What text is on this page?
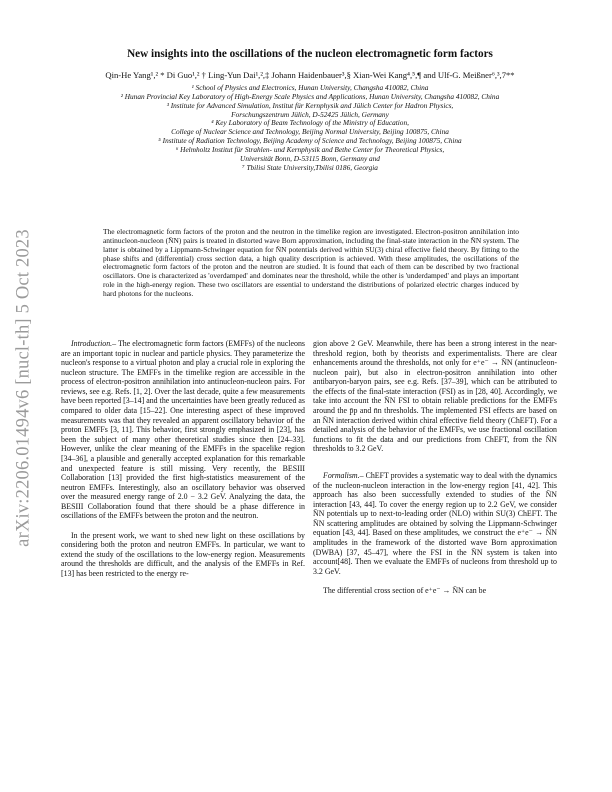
arXiv:2206.01494v6 [nucl-th] 5 Oct 2023
New insights into the oscillations of the nucleon electromagnetic form factors

Qin-He Yang¹,² * Di Guo¹,² † Ling-Yun Dai¹,²,‡ Johann Haidenbauer³,§ Xian-Wei Kang⁴,⁵,¶ and Ulf-G. Meißner⁶,³,7**

¹ School of Physics and Electronics, Hunan University, Changsha 410082, China

² Hunan Provincial Key Laboratory of High-Energy Scale Physics and Applications, Hunan University, Changsha 410082, China

³ Institute for Advanced Simulation, Institut für Kernphysik and Jülich Center for Hadron Physics,

Forschungszentrum Jülich, D-52425 Jülich, Germany

⁴ Key Laboratory of Beam Technology of the Ministry of Education,

College of Nuclear Science and Technology, Beijing Normal University, Beijing 100875, China

⁵ Institute of Radiation Technology, Beijing Academy of Science and Technology, Beijing 100875, China

⁶ Helmholtz Institut für Strahlen- und Kernphysik and Bethe Center for Theoretical Physics,

Universität Bonn, D-53115 Bonn, Germany and

⁷ Tbilisi State University,Tbilisi 0186, Georgia

The electromagnetic form factors of the proton and the neutron in the timelike region are investigated. Electron-positron annihilation into antinucleon-nucleon (N̄N) pairs is treated in distorted wave Born approximation, including the final-state interaction in the N̄N system. The latter is obtained by a Lippmann-Schwinger equation for N̄N potentials derived within SU(3) chiral effective field theory. By fitting to the phase shifts and (differential) cross section data, a high quality description is achieved. With these amplitudes, the oscillations of the electromagnetic form factors of the proton and the neutron are studied. It is found that each of them can be described by two fractional oscillators. One is characterized as 'overdamped' and dominates near the threshold, while the other is 'underdamped' and plays an important role in the high-energy region. These two oscillators are essential to understand the distributions of polarized electric charges induced by hard photons for the nucleons.

Introduction.– The electromagnetic form factors (EMFFs) of the nucleons are an important topic in nuclear and particle physics. They parameterize the nucleon's response to a virtual photon and play a crucial role in exploring the nucleon structure. The EMFFs in the timelike region are accessible in the process of electron-positron annihilation into antinucleon-nucleon pairs. For reviews, see e.g. Refs. [1, 2]. Over the last decade, quite a few measurements have been reported [3–14] and the uncertainties have been greatly reduced as compared to older data [15–22]. One interesting aspect of these improved measurements was that they revealed an apparent oscillatory behavior of the proton EMFFs [3, 11]. This behavior, first strongly emphasized in [23], has been the subject of many other theoretical studies since then [24–33]. However, unlike the clear meaning of the EMFFs in the spacelike region [34–36], a plausible and generally accepted explanation for this remarkable and unexpected feature is still missing. Very recently, the BESIII Collaboration [13] provided the first high-statistics measurement of the neutron EMFFs. Interestingly, also an oscillatory behavior was observed over the measured energy range of 2.0 − 3.2 GeV. Analyzing the data, the BESIII Collaboration found that there should be a phase difference in oscillations of the EMFFs between the proton and the neutron.

In the present work, we want to shed new light on these oscillations by considering both the proton and neutron EMFFs. In particular, we want to extend the study of the oscillations to the low-energy region. Measurements around the thresholds are difficult, and the analysis of the EMFFs in Ref. [13] has been restricted to the energy re-

gion above 2 GeV. Meanwhile, there has been a strong interest in the near-threshold region, both by theorists and experimentalists. There are clear enhancements around the thresholds, not only for e⁺e⁻ → N̄N (antinucleon-nucleon pair), but also in electron-positron annihilation into other antibaryon-baryon pairs, see e.g. Refs. [37–39], which can be attributed to the effects of the final-state interaction (FSI) as in [28, 40]. Accordingly, we take into account the N̄N FSI to obtain reliable predictions for the EMFFs around the p̄p and n̄n thresholds. The implemented FSI effects are based on an N̄N interaction derived within chiral effective field theory (ChEFT). For a detailed analysis of the behavior of the EMFFs, we use fractional oscillation functions to fit the data and our predictions from ChEFT, from the N̄N thresholds to 3.2 GeV.

Formalism.– ChEFT provides a systematic way to deal with the dynamics of the nucleon-nucleon interaction in the low-energy region [41, 42]. This approach has also been successfully extended to studies of the N̄N interaction [43, 44]. To cover the energy region up to 2.2 GeV, we consider N̄N potentials up to next-to-leading order (NLO) within SU(3) ChEFT. The N̄N scattering amplitudes are obtained by solving the Lippmann-Schwinger equation [43, 44]. Based on these amplitudes, we construct the e⁺e⁻ → N̄N amplitudes in the framework of the distorted wave Born approximation (DWBA) [37, 45–47], where the FSI in the N̄N system is taken into account[48]. Then we evaluate the EMFFs of nucleons from threshold up to 3.2 GeV.

The differential cross section of e⁺e⁻ → N̄N can be
